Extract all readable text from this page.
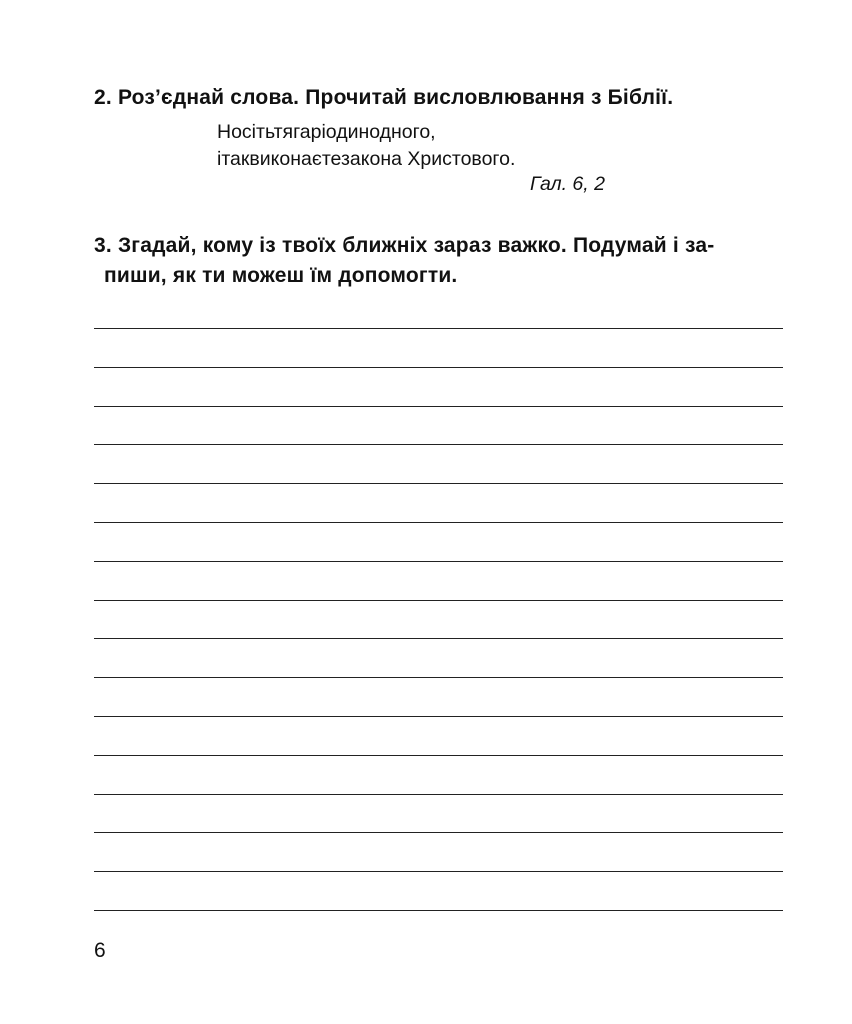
2. Роз’єднай слова. Прочитай висловлювання з Біблії.
Носітьтягаріодинодного,
ітаквиконаєтезакона Христового.
Гал. 6, 2
3. Згадай, кому із твоїх ближніх зараз важко. Подумай і за-
пиши, як ти можеш їм допомогти.
6
